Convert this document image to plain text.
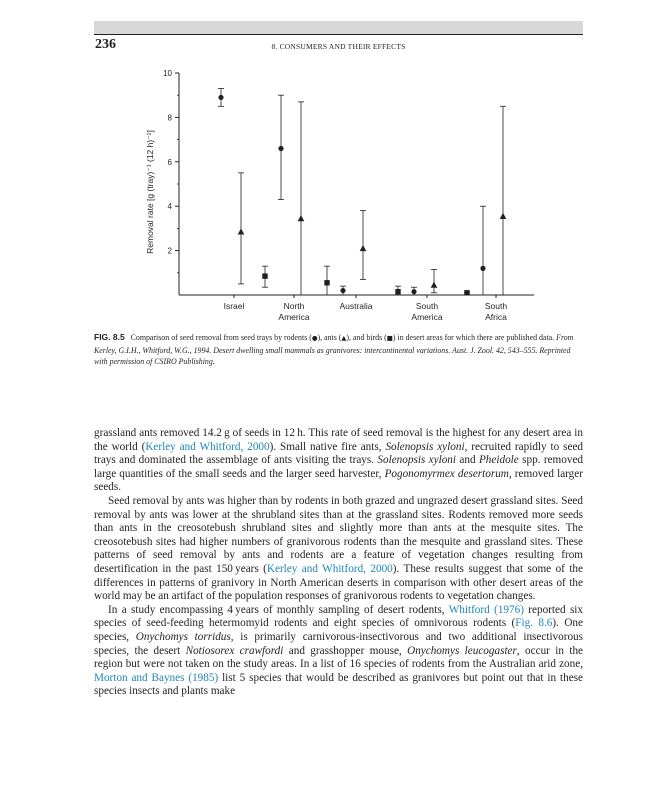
236	8. CONSUMERS AND THEIR EFFECTS
2
4
6
8
10
Removal rate [g (tray)⁻¹ (12 h)⁻¹]
Israel	North
America
Australia	South
America
South
Africa
FIG. 8.5 Comparison of seed removal from seed trays by rodents (●), ants (▲), and birds (■) in desert areas for which there are published data. From Kerley, G.I.H., Whitford, W.G., 1994. Desert dwelling small mammals as granivores: intercontinental variations. Aust. J. Zool. 42, 543–555. Reprinted with permission of CSIRO Publishing.

grassland ants removed 14.2 g of seeds in 12 h. This rate of seed removal is the highest for any desert area in the world (Kerley and Whitford, 2000). Small native fire ants, Solenopsis xyloni, recruited rapidly to seed trays and dominated the assemblage of ants visiting the trays. Solenopsis xyloni and Pheidole spp. removed large quantities of the small seeds and the larger seed harvester, Pogonomyrmex desertorum, removed larger seeds.

Seed removal by ants was higher than by rodents in both grazed and ungrazed desert grassland sites. Seed removal by ants was lower at the shrubland sites than at the grassland sites. Rodents removed more seeds than ants in the creosotebush shrubland sites and slightly more than ants at the mesquite sites. The creosotebush sites had higher numbers of granivorous rodents than the mesquite and grassland sites. These patterns of seed removal by ants and rodents are a feature of vegetation changes resulting from desertification in the past 150 years (Kerley and Whitford, 2000). These results suggest that some of the differences in patterns of granivory in North American deserts in comparison with other desert areas of the world may be an artifact of the population responses of granivorous rodents to vegetation changes.

In a study encompassing 4 years of monthly sampling of desert rodents, Whitford (1976) reported six species of seed-feeding hetermomyid rodents and eight species of omnivorous rodents (Fig. 8.6). One species, Onychomys torridus, is primarily carnivorous-insectivorous and two additional insectivorous species, the desert Notiosorex crawfordi and grasshopper mouse, Onychomys leucogaster, occur in the region but were not taken on the study areas. In a list of 16 species of rodents from the Australian arid zone, Morton and Baynes (1985) list 5 species that would be described as granivores but point out that in these species insects and plants make
